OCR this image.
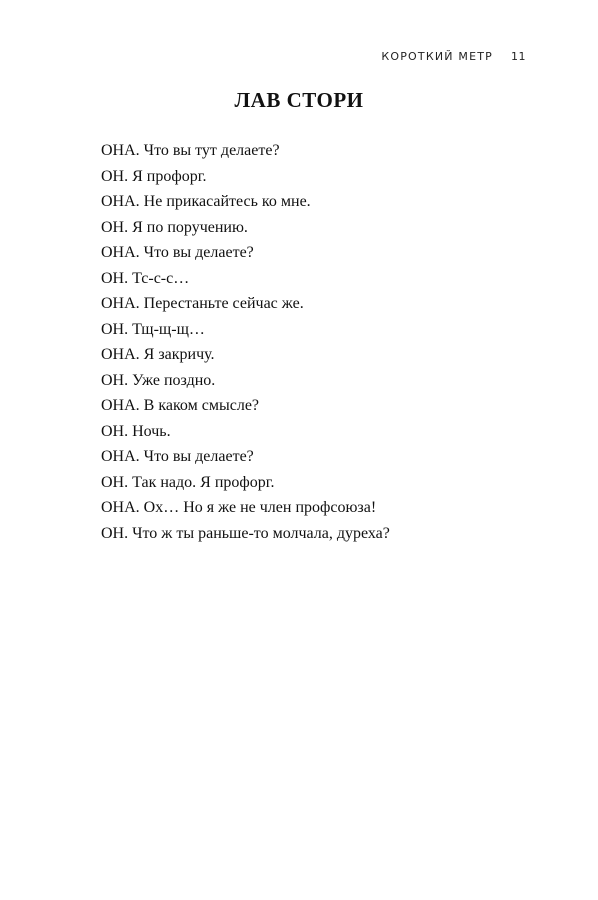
КОРОТКИЙ МЕТР 11
ЛАВ СТОРИ
ОНА. Что вы тут делаете?
ОН. Я профорг.
ОНА. Не прикасайтесь ко мне.
ОН. Я по поручению.
ОНА. Что вы делаете?
ОН. Тс-с-с…
ОНА. Перестаньте сейчас же.
ОН. Тщ-щ-щ…
ОНА. Я закричу.
ОН. Уже поздно.
ОНА. В каком смысле?
ОН. Ночь.
ОНА. Что вы делаете?
ОН. Так надо. Я профорг.
ОНА. Ох… Но я же не член профсоюза!
ОН. Что ж ты раньше-то молчала, дуреха?
